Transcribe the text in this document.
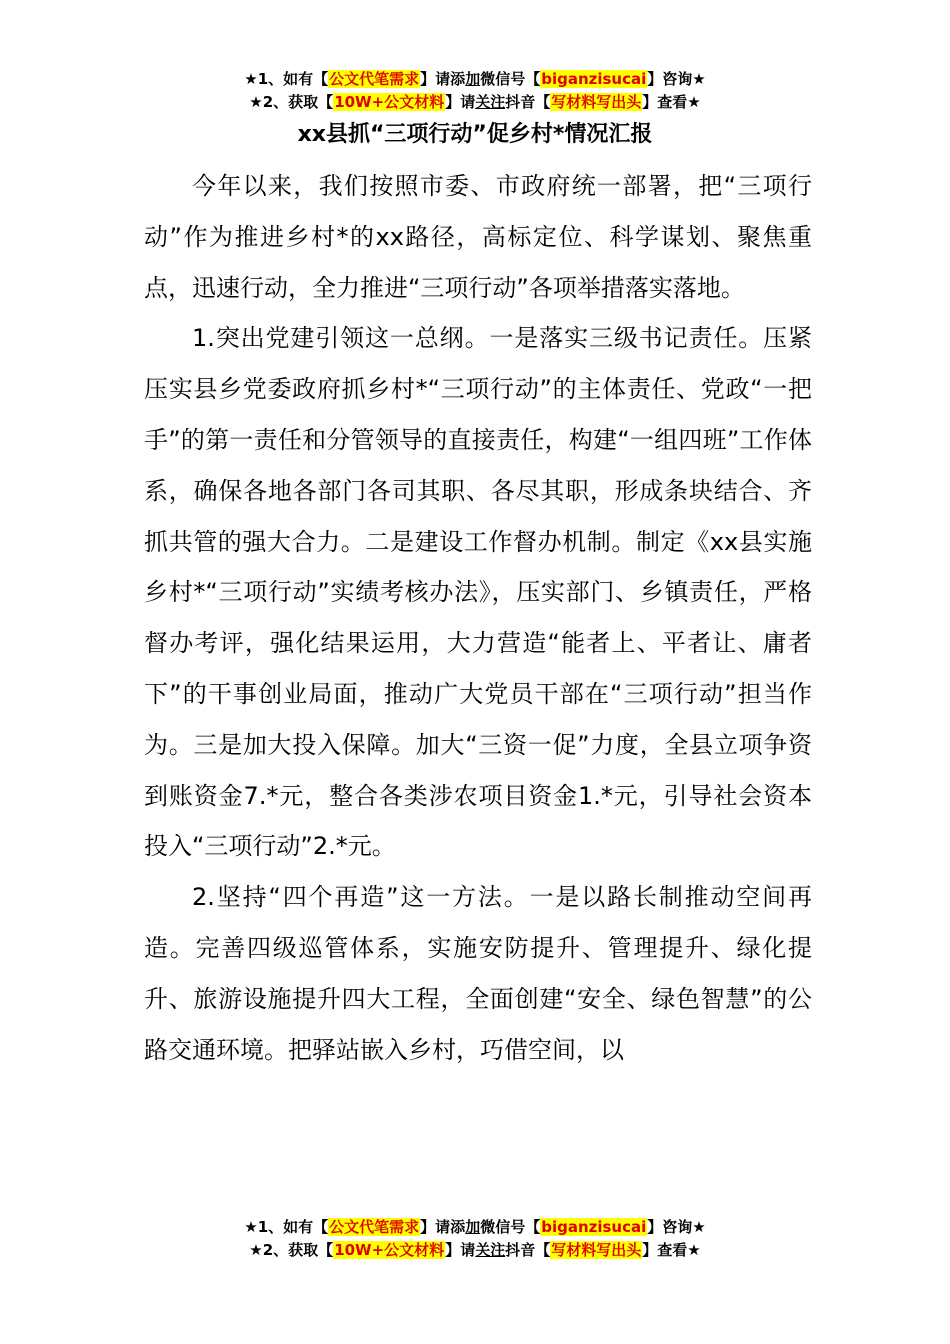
★1、如有【公文代笔需求】请添加微信号【biganzisucai】咨询★
★2、获取【10W+公文材料】请关注抖音【写材料写出头】查看★
xx县抓“三项行动”促乡村*情况汇报

今年以来，我们按照市委、市政府统一部署，把“三项行动”作为推进乡村*的xx路径，高标定位、科学谋划、聚焦重点，迅速行动，全力推进“三项行动”各项举措落实落地。

1.突出党建引领这一总纲。一是落实三级书记责任。压紧压实县乡党委政府抓乡村*“三项行动”的主体责任、党政“一把手”的第一责任和分管领导的直接责任，构建“一组四班”工作体系，确保各地各部门各司其职、各尽其职，形成条块结合、齐抓共管的强大合力。二是建设工作督办机制。制定《xx县实施乡村*“三项行动”实绩考核办法》，压实部门、乡镇责任，严格督办考评，强化结果运用，大力营造“能者上、平者让、庸者下”的干事创业局面，推动广大党员干部在“三项行动”担当作为。三是加大投入保障。加大“三资一促”力度，全县立项争资到账资金7.*元，整合各类涉农项目资金1.*元，引导社会资本投入“三项行动”2.*元。

2.坚持“四个再造”这一方法。一是以路长制推动空间再造。完善四级巡管体系，实施安防提升、管理提升、绿化提升、旅游设施提升四大工程，全面创建“安全、绿色智慧”的公路交通环境。把驿站嵌入乡村，巧借空间，以

★1、如有【公文代笔需求】请添加微信号【biganzisucai】咨询★
★2、获取【10W+公文材料】请关注抖音【写材料写出头】查看★
